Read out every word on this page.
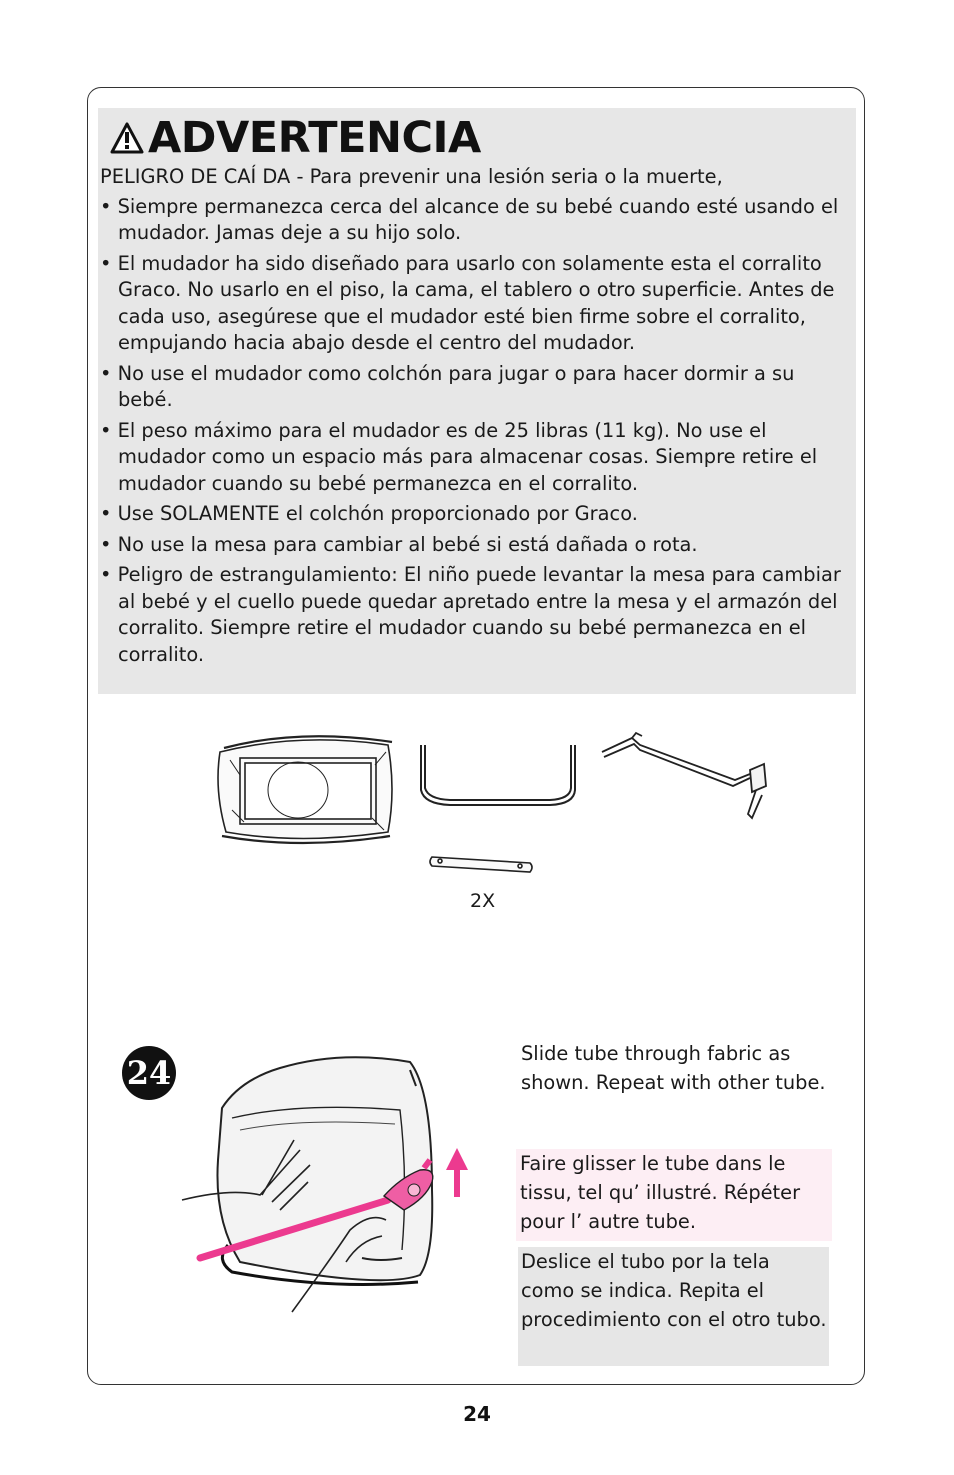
ADVERTENCIA

PELIGRO DE CAÍ DA - Para prevenir una lesión seria o la muerte,

• Siempre permanezca cerca del alcance de su bebé cuando esté usando el mudador. Jamas deje a su hijo solo.
• El mudador ha sido diseñado para usarlo con solamente esta el corralito Graco. No usarlo en el piso, la cama, el tablero o otro superficie. Antes de cada uso, asegúrese que el mudador esté bien firme sobre el corralito, empujando hacia abajo desde el centro del mudador.
• No use el mudador como colchón para jugar o para hacer dormir a su bebé.
• El peso máximo para el mudador es de 25 libras (11 kg). No use el mudador como un espacio más para almacenar cosas. Siempre retire el mudador cuando su bebé permanezca en el corralito.
• Use SOLAMENTE el colchón proporcionado por Graco.
• No use la mesa para cambiar al bebé si está dañada o rota.
• Peligro de estrangulamiento: El niño puede levantar la mesa para cambiar al bebé y el cuello puede quedar apretado entre la mesa y el armazón del corralito. Siempre retire el mudador cuando su bebé permanezca en el corralito.
2X
24
Slide tube through fabric as shown. Repeat with other tube.
Faire glisser le tube dans le tissu, tel qu’ illustré. Répéter pour l’ autre tube.
Deslice el tubo por la tela como se indica. Repita el procedimiento con el otro tubo.
24
